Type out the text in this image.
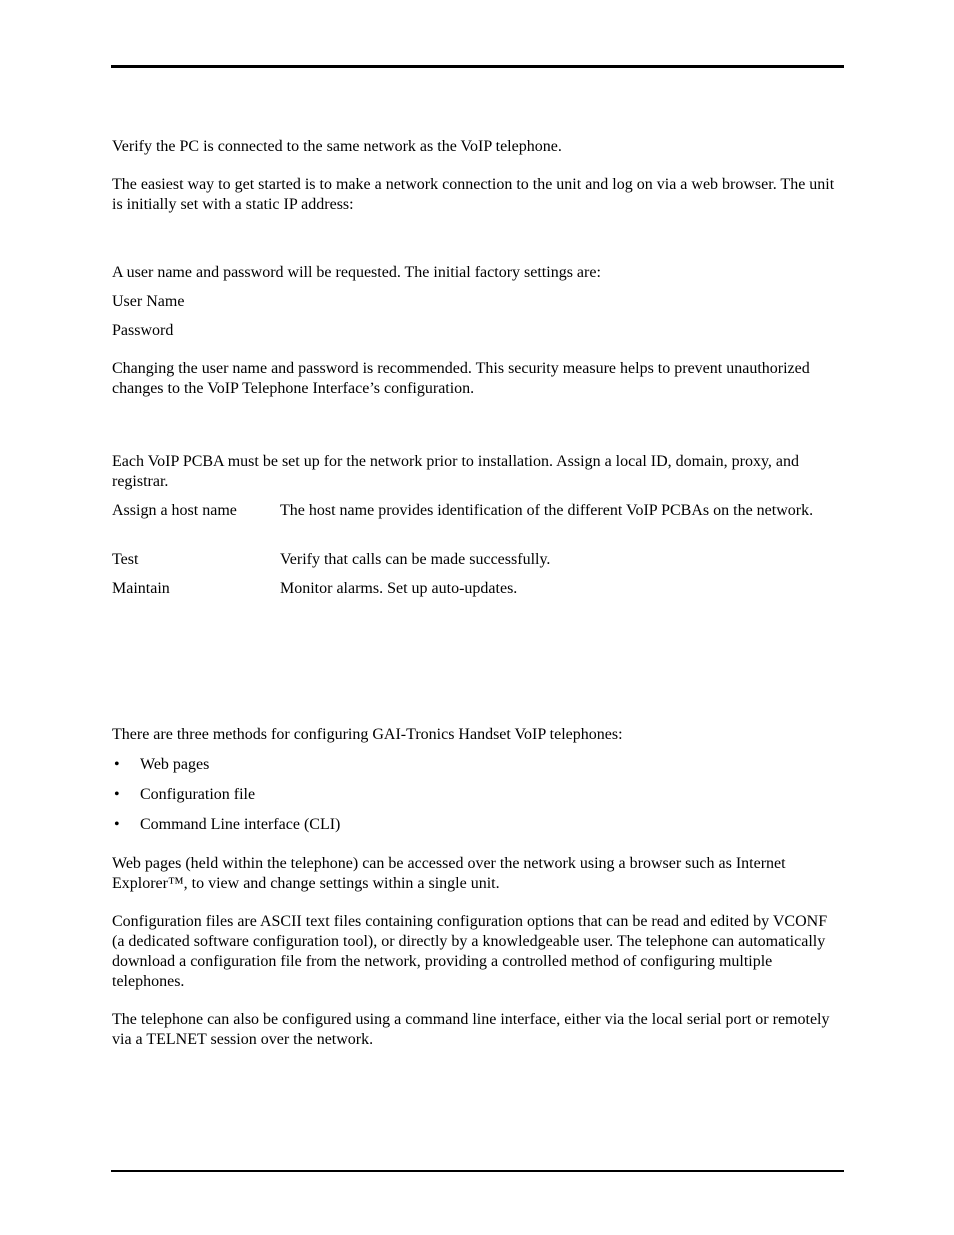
Verify the PC is connected to the same network as the VoIP telephone.

The easiest way to get started is to make a network connection to the unit and log on via a web browser. The unit is initially set with a static IP address:

A user name and password will be requested. The initial factory settings are:

User Name

Password

Changing the user name and password is recommended. This security measure helps to prevent unauthorized changes to the VoIP Telephone Interface’s configuration.

Each VoIP PCBA must be set up for the network prior to installation. Assign a local ID, domain, proxy, and registrar.

Assign a host name	The host name provides identification of the different VoIP PCBAs on the network.
Test	Verify that calls can be made successfully.
Maintain	Monitor alarms. Set up auto-updates.

There are three methods for configuring GAI-Tronics Handset VoIP telephones:

•	Web pages
•	Configuration file
•	Command Line interface (CLI)

Web pages (held within the telephone) can be accessed over the network using a browser such as Internet Explorer™, to view and change settings within a single unit.

Configuration files are ASCII text files containing configuration options that can be read and edited by VCONF (a dedicated software configuration tool), or directly by a knowledgeable user. The telephone can automatically download a configuration file from the network, providing a controlled method of configuring multiple telephones.

The telephone can also be configured using a command line interface, either via the local serial port or remotely via a TELNET session over the network.
